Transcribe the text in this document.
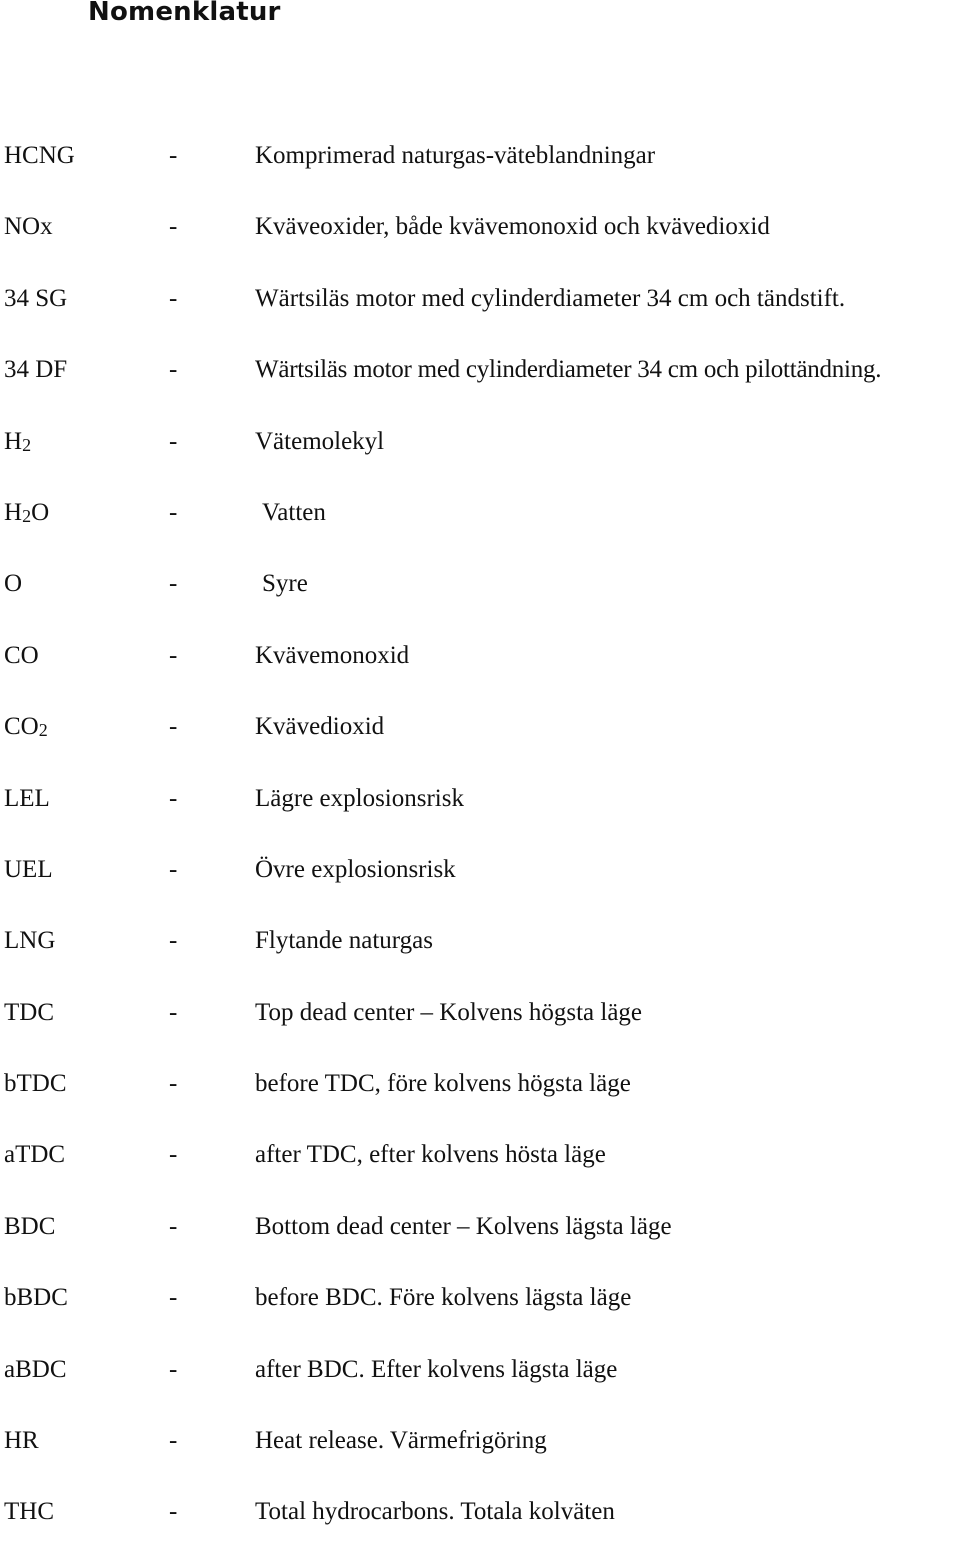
Nomenklatur
HCNG	-	Komprimerad naturgas-väteblandningar
NOx	-	Kväveoxider, både kvävemonoxid och kvävedioxid
34 SG	-	Wärtsiläs motor med cylinderdiameter 34 cm och tändstift.
34 DF	-	Wärtsiläs motor med cylinderdiameter 34 cm och pilottändning.
$H_2$	-	Vätemolekyl
$H_2O$	-	Vatten
O	-	Syre
CO	-	Kvävemonoxid
$CO_2$	-	Kvävedioxid
LEL	-	Lägre explosionsrisk
UEL	-	Övre explosionsrisk
LNG	-	Flytande naturgas
TDC	-	Top dead center – Kolvens högsta läge
bTDC	-	before TDC, före kolvens högsta läge
aTDC	-	after TDC, efter kolvens hösta läge
BDC	-	Bottom dead center – Kolvens lägsta läge
bBDC	-	before BDC. Före kolvens lägsta läge
aBDC	-	after BDC. Efter kolvens lägsta läge
HR	-	Heat release. Värmefrigöring
THC	-	Total hydrocarbons. Totala kolväten
